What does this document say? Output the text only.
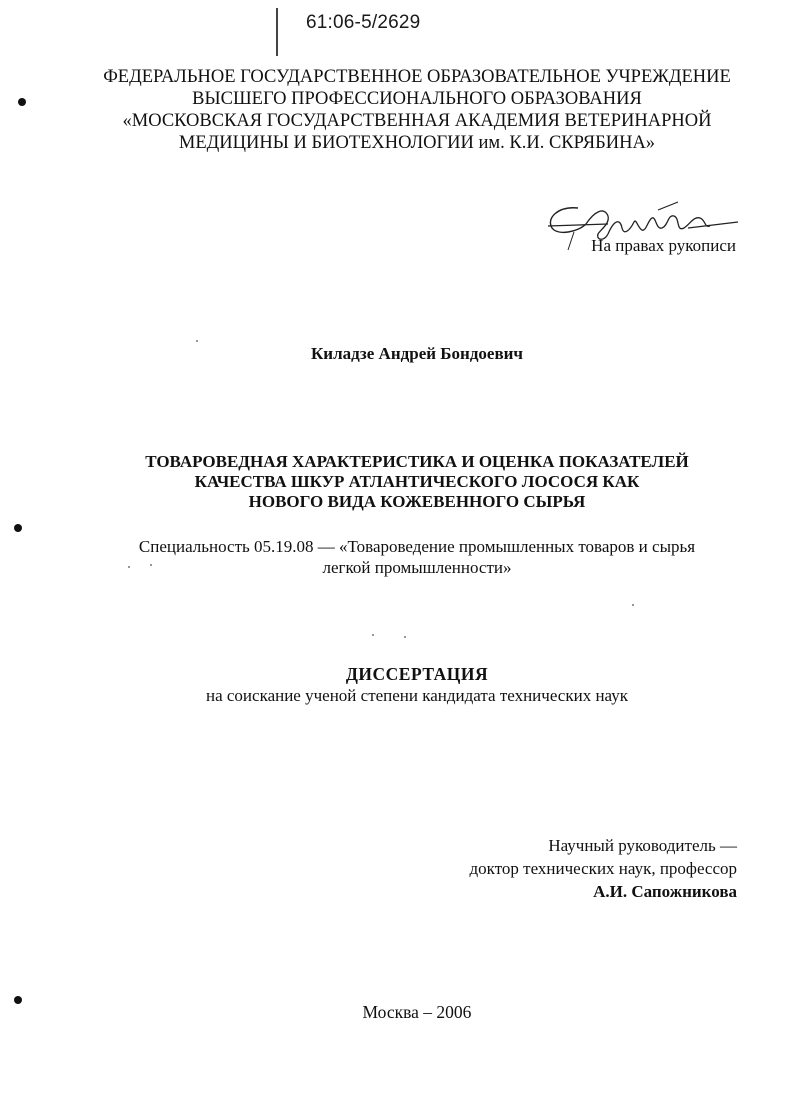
61:06-5/2629
ФЕДЕРАЛЬНОЕ ГОСУДАРСТВЕННОЕ ОБРАЗОВАТЕЛЬНОЕ УЧРЕЖДЕНИЕ
ВЫСШЕГО ПРОФЕССИОНАЛЬНОГО ОБРАЗОВАНИЯ
«МОСКОВСКАЯ ГОСУДАРСТВЕННАЯ АКАДЕМИЯ ВЕТЕРИНАРНОЙ
МЕДИЦИНЫ И БИОТЕХНОЛОГИИ им. К.И. СКРЯБИНА»
На правах рукописи
Киладзе Андрей Бондоевич
ТОВАРОВЕДНАЯ ХАРАКТЕРИСТИКА И ОЦЕНКА ПОКАЗАТЕЛЕЙ
КАЧЕСТВА ШКУР АТЛАНТИЧЕСКОГО ЛОСОСЯ КАК
НОВОГО ВИДА КОЖЕВЕННОГО СЫРЬЯ
Специальность 05.19.08 — «Товароведение промышленных товаров и сырья
легкой промышленности»
ДИССЕРТАЦИЯ
на соискание ученой степени кандидата технических наук
Научный руководитель —
доктор технических наук, профессор
А.И. Сапожникова
Москва – 2006
